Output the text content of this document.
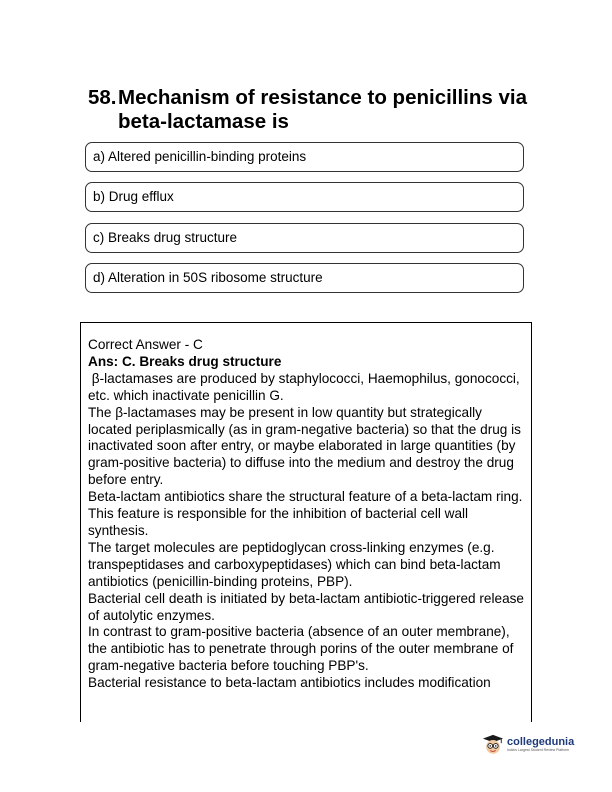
58. Mechanism of resistance to penicillins via beta-lactamase is
a) Altered penicillin-binding proteins
b) Drug efflux
c) Breaks drug structure
d) Alteration in 50S ribosome structure
Correct Answer - C
Ans: C. Breaks drug structure
β-lactamases are produced by staphylococci, Haemophilus, gonococci, etc. which inactivate penicillin G.
The β-lactamases may be present in low quantity but strategically located periplasmically (as in gram-negative bacteria) so that the drug is inactivated soon after entry, or maybe elaborated in large quantities (by gram-positive bacteria) to diffuse into the medium and destroy the drug before entry.
Beta-lactam antibiotics share the structural feature of a beta-lactam ring.
This feature is responsible for the inhibition of bacterial cell wall synthesis.
The target molecules are peptidoglycan cross-linking enzymes (e.g. transpeptidases and carboxypeptidases) which can bind beta-lactam antibiotics (penicillin-binding proteins, PBP).
Bacterial cell death is initiated by beta-lactam antibiotic-triggered release of autolytic enzymes.
In contrast to gram-positive bacteria (absence of an outer membrane), the antibiotic has to penetrate through porins of the outer membrane of gram-negative bacteria before touching PBP's.
Bacterial resistance to beta-lactam antibiotics includes modification
collegedunia
India's Largest Student Review Platform
